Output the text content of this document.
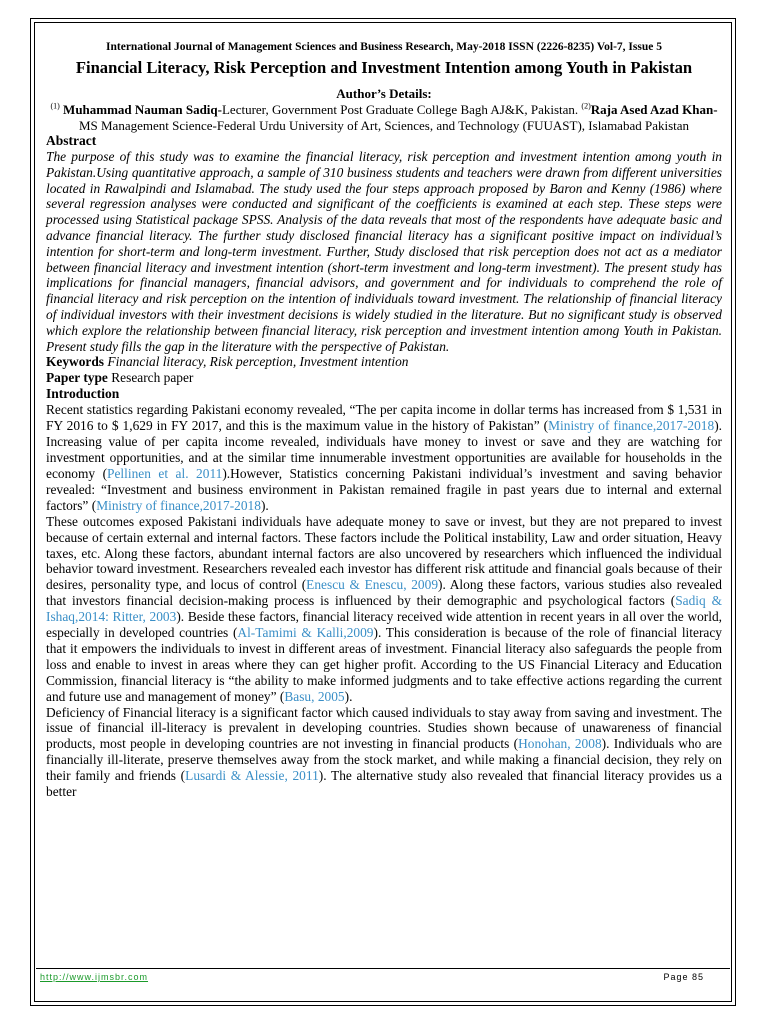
International Journal of Management Sciences and Business Research, May-2018 ISSN (2226-8235) Vol-7, Issue 5

Financial Literacy, Risk Perception and Investment Intention among Youth in Pakistan

Author’s Details:

$^{(1)}$ Muhammad Nauman Sadiq-Lecturer, Government Post Graduate College Bagh AJ&K, Pakistan. $^{(2)}$Raja Ased Azad Khan-MS Management Science-Federal Urdu University of Art, Sciences, and Technology (FUUAST), Islamabad Pakistan

Abstract

The purpose of this study was to examine the financial literacy, risk perception and investment intention among youth in Pakistan.Using quantitative approach, a sample of 310 business students and teachers were drawn from different universities located in Rawalpindi and Islamabad. The study used the four steps approach proposed by Baron and Kenny (1986) where several regression analyses were conducted and significant of the coefficients is examined at each step. These steps were processed using Statistical package SPSS. Analysis of the data reveals that most of the respondents have adequate basic and advance financial literacy. The further study disclosed financial literacy has a significant positive impact on individual’s intention for short-term and long-term investment. Further, Study disclosed that risk perception does not act as a mediator between financial literacy and investment intention (short-term investment and long-term investment). The present study has implications for financial managers, financial advisors, and government and for individuals to comprehend the role of financial literacy and risk perception on the intention of individuals toward investment. The relationship of financial literacy of individual investors with their investment decisions is widely studied in the literature. But no significant study is observed which explore the relationship between financial literacy, risk perception and investment intention among Youth in Pakistan. Present study fills the gap in the literature with the perspective of Pakistan.

Keywords Financial literacy, Risk perception, Investment intention

Paper type Research paper

Introduction

Recent statistics regarding Pakistani economy revealed, “The per capita income in dollar terms has increased from $ 1,531 in FY 2016 to $ 1,629 in FY 2017, and this is the maximum value in the history of Pakistan” (Ministry of finance,2017-2018). Increasing value of per capita income revealed, individuals have money to invest or save and they are watching for investment opportunities, and at the similar time innumerable investment opportunities are available for households in the economy (Pellinen et al. 2011).However, Statistics concerning Pakistani individual’s investment and saving behavior revealed: “Investment and business environment in Pakistan remained fragile in past years due to internal and external factors” (Ministry of finance,2017-2018).

These outcomes exposed Pakistani individuals have adequate money to save or invest, but they are not prepared to invest because of certain external and internal factors. These factors include the Political instability, Law and order situation, Heavy taxes, etc. Along these factors, abundant internal factors are also uncovered by researchers which influenced the individual behavior toward investment. Researchers revealed each investor has different risk attitude and financial goals because of their desires, personality type, and locus of control (Enescu & Enescu, 2009). Along these factors, various studies also revealed that investors financial decision-making process is influenced by their demographic and psychological factors (Sadiq & Ishaq,2014: Ritter, 2003). Beside these factors, financial literacy received wide attention in recent years in all over the world, especially in developed countries (Al-Tamimi & Kalli,2009). This consideration is because of the role of financial literacy that it empowers the individuals to invest in different areas of investment. Financial literacy also safeguards the people from loss and enable to invest in areas where they can get higher profit. According to the US Financial Literacy and Education Commission, financial literacy is “the ability to make informed judgments and to take effective actions regarding the current and future use and management of money” (Basu, 2005).

Deficiency of Financial literacy is a significant factor which caused individuals to stay away from saving and investment. The issue of financial ill-literacy is prevalent in developing countries. Studies shown because of unawareness of financial products, most people in developing countries are not investing in financial products (Honohan, 2008). Individuals who are financially ill-literate, preserve themselves away from the stock market, and while making a financial decision, they rely on their family and friends (Lusardi & Alessie, 2011). The alternative study also revealed that financial literacy provides us a better

http://www.ijmsbr.com	Page 85
